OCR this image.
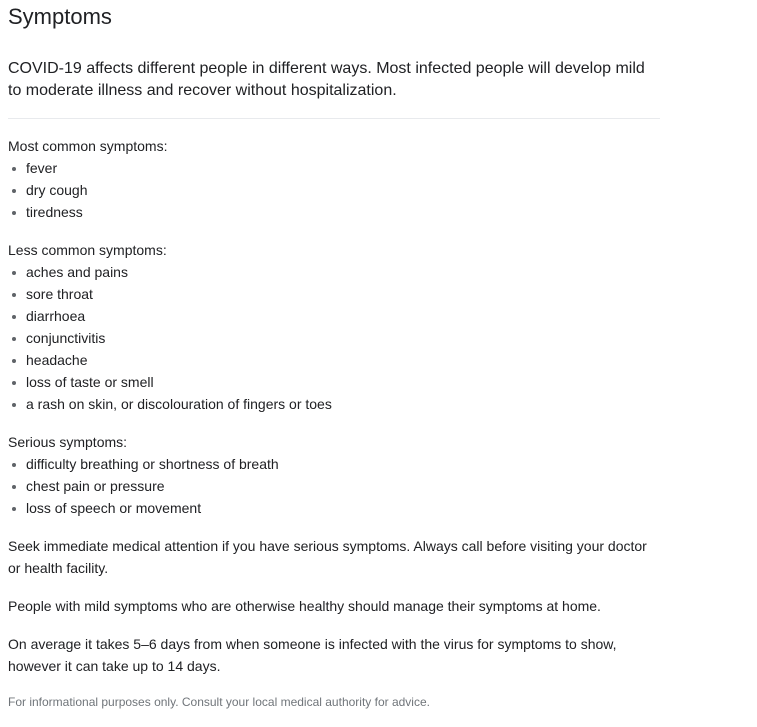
Symptoms

COVID-19 affects different people in different ways. Most infected people will develop mild to moderate illness and recover without hospitalization.

Most common symptoms:

fever
dry cough
tiredness

Less common symptoms:

aches and pains
sore throat
diarrhoea
conjunctivitis
headache
loss of taste or smell
a rash on skin, or discolouration of fingers or toes

Serious symptoms:

difficulty breathing or shortness of breath
chest pain or pressure
loss of speech or movement

Seek immediate medical attention if you have serious symptoms. Always call before visiting your doctor or health facility.

People with mild symptoms who are otherwise healthy should manage their symptoms at home.

On average it takes 5–6 days from when someone is infected with the virus for symptoms to show, however it can take up to 14 days.

For informational purposes only. Consult your local medical authority for advice.
